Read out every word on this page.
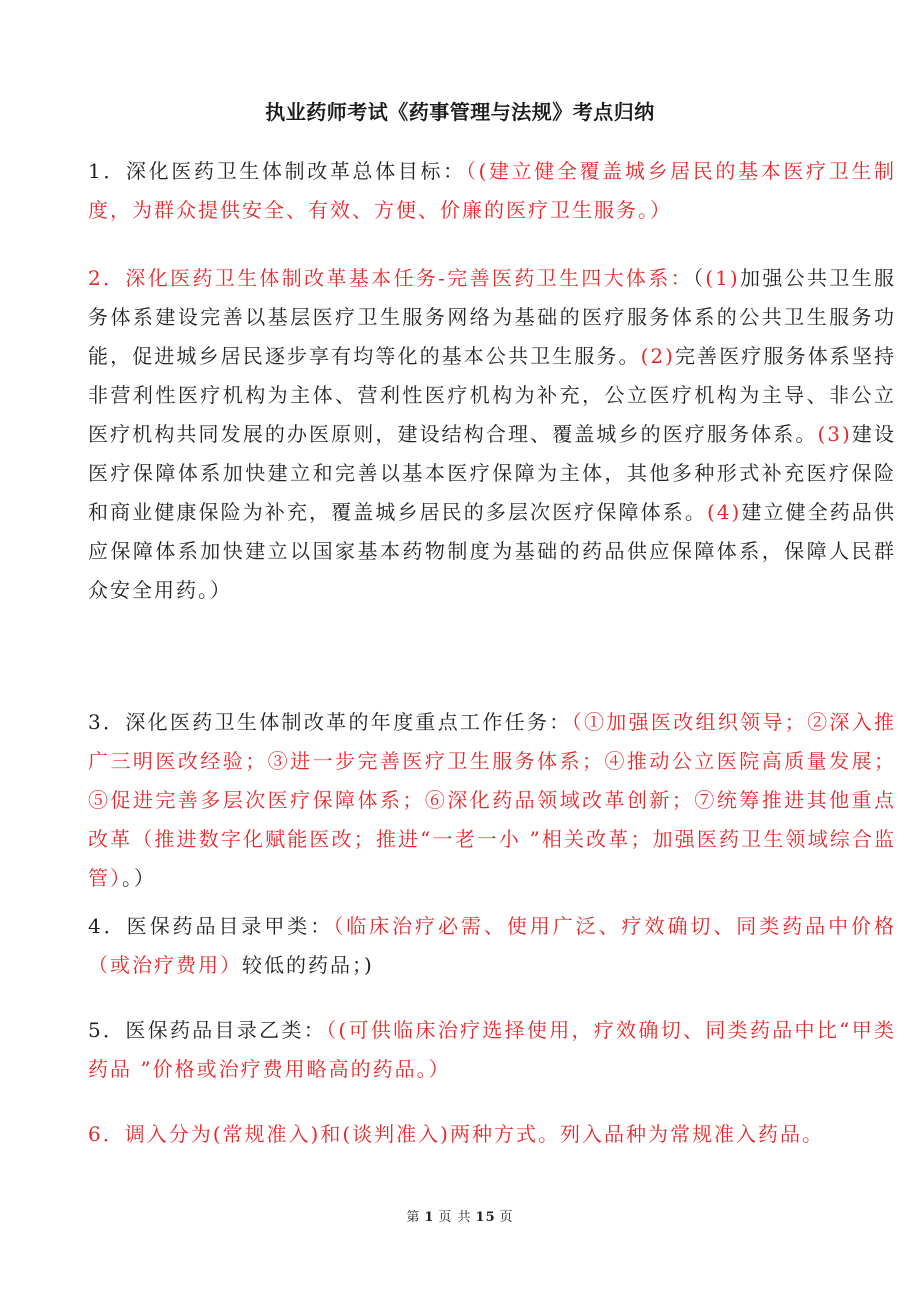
执业药师考试《药事管理与法规》考点归纳
1．深化医药卫生体制改革总体目标：（(建立健全覆盖城乡居民的基本医疗卫生制度，为群众提供安全、有效、方便、价廉的医疗卫生服务。）
2．深化医药卫生体制改革基本任务-完善医药卫生四大体系：（(1)加强公共卫生服务体系建设完善以基层医疗卫生服务网络为基础的医疗服务体系的公共卫生服务功能，促进城乡居民逐步享有均等化的基本公共卫生服务。(2)完善医疗服务体系坚持非营利性医疗机构为主体、营利性医疗机构为补充，公立医疗机构为主导、非公立医疗机构共同发展的办医原则，建设结构合理、覆盖城乡的医疗服务体系。(3)建设医疗保障体系加快建立和完善以基本医疗保障为主体，其他多种形式补充医疗保险和商业健康保险为补充，覆盖城乡居民的多层次医疗保障体系。(4)建立健全药品供应保障体系加快建立以国家基本药物制度为基础的药品供应保障体系，保障人民群众安全用药。）
3．深化医药卫生体制改革的年度重点工作任务：（①加强医改组织领导；②深入推广三明医改经验；③进一步完善医疗卫生服务体系；④推动公立医院高质量发展；⑤促进完善多层次医疗保障体系；⑥深化药品领域改革创新；⑦统筹推进其他重点改革（推进数字化赋能医改；推进“一老一小 ”相关改革；加强医药卫生领域综合监管）。）
4．医保药品目录甲类：（临床治疗必需、使用广泛、疗效确切、同类药品中价格（或治疗费用）较低的药品；)
5．医保药品目录乙类：（(可供临床治疗选择使用，疗效确切、同类药品中比“甲类药品 ”价格或治疗费用略高的药品。）
6．调入分为(常规准入)和(谈判准入)两种方式。列入品种为常规准入药品。
第 1 页 共 15 页
